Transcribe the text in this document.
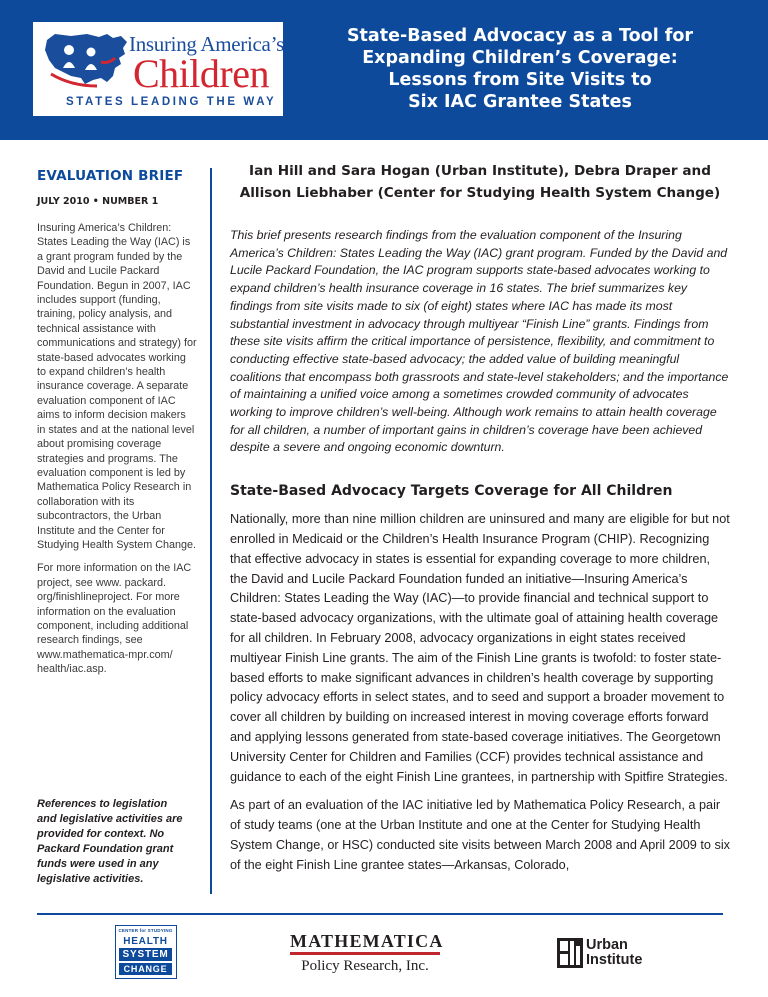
Insuring America’s
Children
STATES LEADING THE WAY
State-Based Advocacy as a Tool for
Expanding Children’s Coverage:
Lessons from Site Visits to
Six IAC Grantee States
EVALUATION BRIEF
JULY 2010 • NUMBER 1

Insuring America’s Children: States Leading the Way (IAC) is a grant program funded by the David and Lucile Packard Foundation. Begun in 2007, IAC includes support (funding, training, policy analysis, and technical assistance with communications and strategy) for state-based advocates working to expand children’s health insurance coverage. A separate evaluation component of IAC aims to inform decision makers in states and at the national level about promising coverage strategies and programs. The evaluation component is led by Mathematica Policy Research in collaboration with its subcontractors, the Urban Institute and the Center for Studying Health System Change.

For more information on the IAC project, see www. packard. org/finishlineproject. For more information on the evaluation component, including additional research findings, see www.mathematica-mpr.com/ health/iac.asp.

References to legislation and legislative activities are provided for context. No Packard Foundation grant funds were used in any legislative activities.
Ian Hill and Sara Hogan (Urban Institute), Debra Draper and
Allison Liebhaber (Center for Studying Health System Change)

This brief presents research findings from the evaluation component of the Insuring America’s Children: States Leading the Way (IAC) grant program. Funded by the David and Lucile Packard Foundation, the IAC program supports state-based advocates working to expand children’s health insurance coverage in 16 states. The brief summarizes key findings from site visits made to six (of eight) states where IAC has made its most substantial investment in advocacy through multiyear “Finish Line” grants. Findings from these site visits affirm the critical importance of persistence, flexibility, and commitment to conducting effective state-based advocacy; the added value of building meaningful coalitions that encompass both grassroots and state-level stakeholders; and the importance of maintaining a unified voice among a sometimes crowded community of advocates working to improve children’s well-being. Although work remains to attain health coverage for all children, a number of important gains in children’s coverage have been achieved despite a severe and ongoing economic downturn.

State-Based Advocacy Targets Coverage for All Children

Nationally, more than nine million children are uninsured and many are eligible for but not enrolled in Medicaid or the Children’s Health Insurance Program (CHIP). Recognizing that effective advocacy in states is essential for expanding coverage to more children, the David and Lucile Packard Foundation funded an initiative—Insuring America’s Children: States Leading the Way (IAC)—to provide financial and technical support to state-based advocacy organizations, with the ultimate goal of attaining health coverage for all children. In February 2008, advocacy organizations in eight states received multiyear Finish Line grants. The aim of the Finish Line grants is twofold: to foster state-based efforts to make significant advances in children’s health coverage by supporting policy advocacy efforts in select states, and to seed and support a broader movement to cover all children by building on increased interest in moving coverage efforts forward and applying lessons generated from state-based coverage initiatives. The Georgetown University Center for Children and Families (CCF) provides technical assistance and guidance to each of the eight Finish Line grantees, in partnership with Spitfire Strategies.

As part of an evaluation of the IAC initiative led by Mathematica Policy Research, a pair of study teams (one at the Urban Institute and one at the Center for Studying Health System Change, or HSC) conducted site visits between March 2008 and April 2009 to six of the eight Finish Line grantee states—Arkansas, Colorado,

CENTER for STUDYING
HEALTH
SYSTEM
CHANGE
MATHEMATICA
Policy Research, Inc.
Urban
Institute
